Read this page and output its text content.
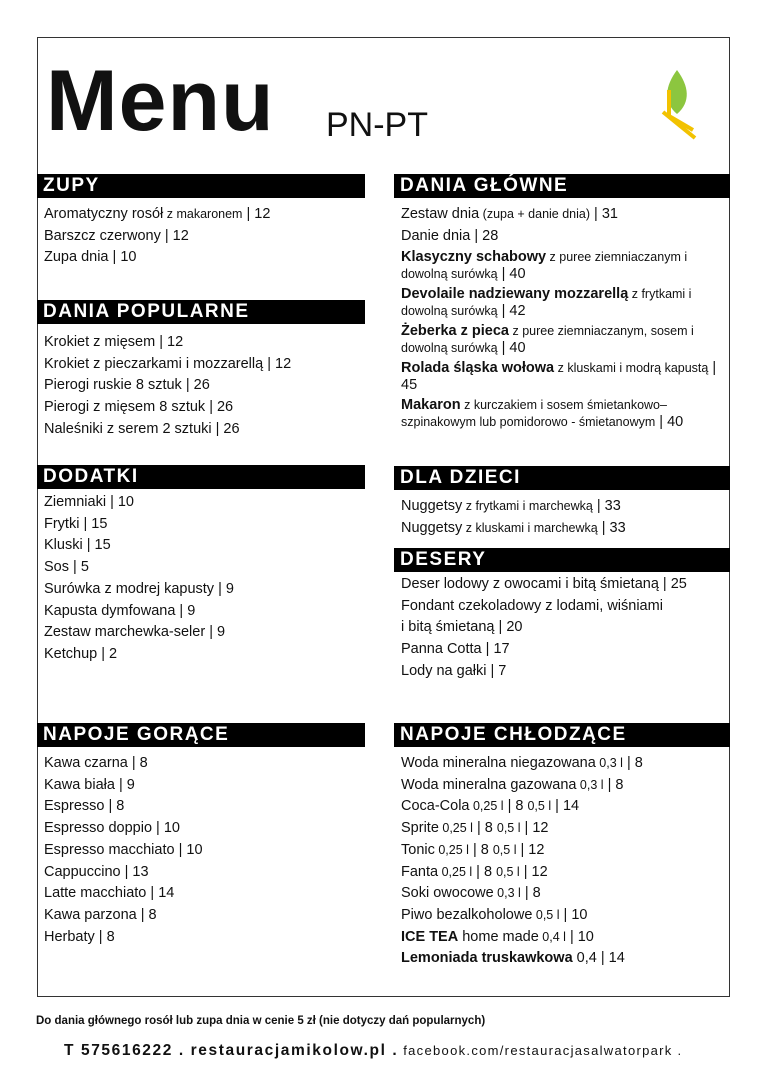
Menu PN-PT
ZUPY
Aromatyczny rosół z makaronem | 12
Barszcz czerwony | 12
Zupa dnia | 10
DANIA POPULARNE
Krokiet z mięsem | 12
Krokiet z pieczarkami i mozzarellą | 12
Pierogi ruskie 8 sztuk | 26
Pierogi z mięsem 8 sztuk | 26
Naleśniki z serem 2 sztuki | 26
DODATKI
Ziemniaki | 10
Frytki | 15
Kluski | 15
Sos | 5
Surówka z modrej kapusty | 9
Kapusta dymfowana | 9
Zestaw marchewka-seler | 9
Ketchup | 2
NAPOJE GORĄCE
Kawa czarna | 8
Kawa biała | 9
Espresso | 8
Espresso doppio | 10
Espresso macchiato | 10
Cappuccino | 13
Latte macchiato | 14
Kawa parzona | 8
Herbaty | 8
DANIA GŁÓWNE
Zestaw dnia (zupa + danie dnia) | 31
Danie dnia | 28
Klasyczny schabowy z puree ziemniaczanym i dowolną surówką | 40
Devolaile nadziewany mozzarellą z frytkami i dowolną surówką | 42
Żeberka z pieca z puree ziemniaczanym, sosem i dowolną surówką | 40
Rolada śląska wołowa z kluskami i modrą kapustą | 45
Makaron z kurczakiem i sosem śmietankowo–szpinakowym lub pomidorowo - śmietanowym | 40
DLA DZIECI
Nuggetsy z frytkami i marchewką | 33
Nuggetsy z kluskami i marchewką | 33
DESERY
Deser lodowy z owocami i bitą śmietaną | 25
Fondant czekoladowy z lodami, wiśniami
i bitą śmietaną | 20
Panna Cotta | 17
Lody na gałki | 7
NAPOJE CHŁODZĄCE
Woda mineralna niegazowana 0,3 l | 8
Woda mineralna gazowana 0,3 l | 8
Coca-Cola 0,25 l | 8 0,5 l | 14
Sprite 0,25 l | 8 0,5 l | 12
Tonic 0,25 l | 8 0,5 l | 12
Fanta 0,25 l | 8 0,5 l | 12
Soki owocowe 0,3 l | 8
Piwo bezalkoholowe 0,5 l | 10
ICE TEA home made 0,4 l | 10
Lemoniada truskawkowa 0,4 | 14
Do dania głównego rosół lub zupa dnia w cenie 5 zł (nie dotyczy dań popularnych)
T 575616222 . restauracjamikolow.pl . facebook.com/restauracjasalwatorpark .
